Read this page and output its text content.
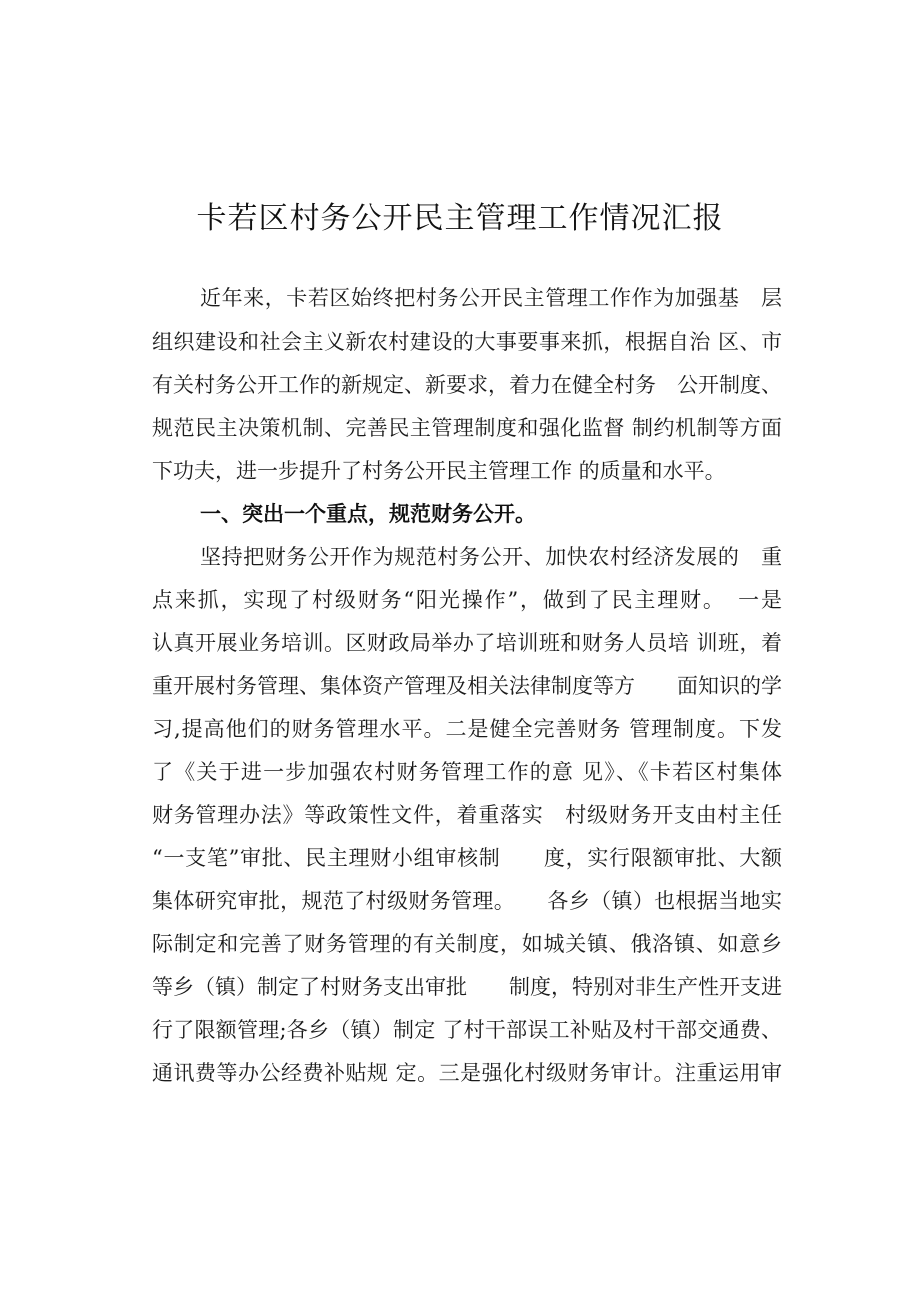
卡若区村务公开民主管理工作情况汇报

近年来，卡若区始终把村务公开民主管理工作作为加强基　层

组织建设和社会主义新农村建设的大事要事来抓，根据自治 区、市

有关村务公开工作的新规定、新要求，着力在健全村务　公开制度、

规范民主决策机制、完善民主管理制度和强化监督 制约机制等方面

下功夫，进一步提升了村务公开民主管理工作 的质量和水平。

一、突出一个重点，规范财务公开。

坚持把财务公开作为规范村务公开、加快农村经济发展的　重

点来抓，实现了村级财务“阳光操作”，做到了民主理财。　一是

认真开展业务培训。区财政局举办了培训班和财务人员培 训班，着

重开展村务管理、集体资产管理及相关法律制度等方　　面知识的学

习,提高他们的财务管理水平。二是健全完善财务 管理制度。下发

了《关于进一步加强农村财务管理工作的意 见》、《卡若区村集体

财务管理办法》等政策性文件，着重落实　村级财务开支由村主任

“一支笔”审批、民主理财小组审核制　　度，实行限额审批、大额

集体研究审批，规范了村级财务管理。　　各乡（镇）也根据当地实

际制定和完善了财务管理的有关制度，如城关镇、俄洛镇、如意乡

等乡（镇）制定了村财务支出审批　　制度，特别对非生产性开支进

行了限额管理;各乡（镇）制定 了村干部误工补贴及村干部交通费、

通讯费等办公经费补贴规 定。三是强化村级财务审计。注重运用审
